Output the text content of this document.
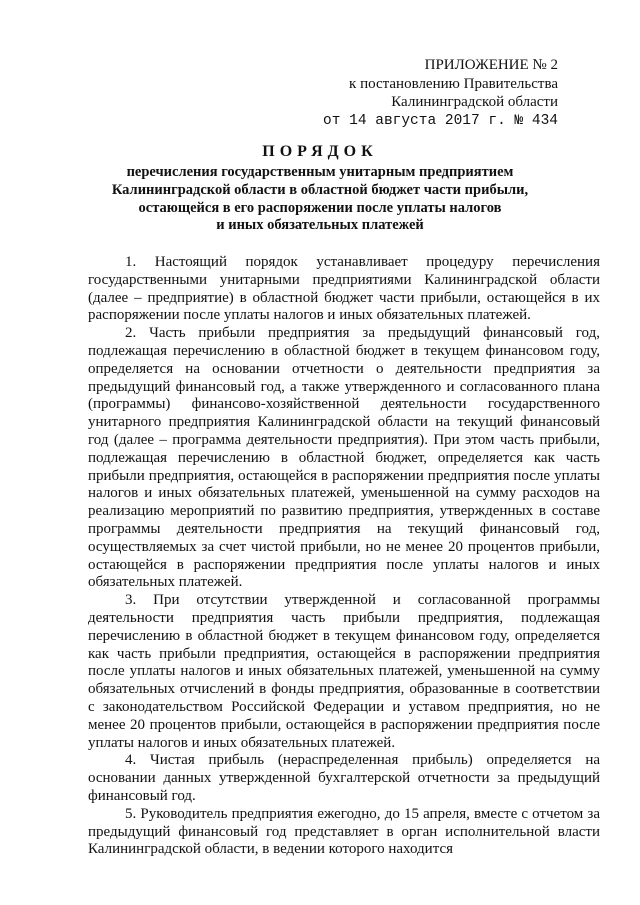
ПРИЛОЖЕНИЕ № 2
к постановлению Правительства
Калининградской области
от 14 августа 2017 г. № 434
ПОРЯДОК
перечисления государственным унитарным предприятием
Калининградской области в областной бюджет части прибыли,
остающейся в его распоряжении после уплаты налогов
и иных обязательных платежей

1. Настоящий порядок устанавливает процедуру перечисления государственными унитарными предприятиями Калининградской области (далее – предприятие) в областной бюджет части прибыли, остающейся в их распоряжении после уплаты налогов и иных обязательных платежей.

2. Часть прибыли предприятия за предыдущий финансовый год, подлежащая перечислению в областной бюджет в текущем финансовом году, определяется на основании отчетности о деятельности предприятия за предыдущий финансовый год, а также утвержденного и согласованного плана (программы) финансово-хозяйственной деятельности государственного унитарного предприятия Калининградской области на текущий финансовый год (далее – программа деятельности предприятия). При этом часть прибыли, подлежащая перечислению в областной бюджет, определяется как часть прибыли предприятия, остающейся в распоряжении предприятия после уплаты налогов и иных обязательных платежей, уменьшенной на сумму расходов на реализацию мероприятий по развитию предприятия, утвержденных в составе программы деятельности предприятия на текущий финансовый год, осуществляемых за счет чистой прибыли, но не менее 20 процентов прибыли, остающейся в распоряжении предприятия после уплаты налогов и иных обязательных платежей.

3. При отсутствии утвержденной и согласованной программы деятельности предприятия часть прибыли предприятия, подлежащая перечислению в областной бюджет в текущем финансовом году, определяется как часть прибыли предприятия, остающейся в распоряжении предприятия после уплаты налогов и иных обязательных платежей, уменьшенной на сумму обязательных отчислений в фонды предприятия, образованные в соответствии с законодательством Российской Федерации и уставом предприятия, но не менее 20 процентов прибыли, остающейся в распоряжении предприятия после уплаты налогов и иных обязательных платежей.

4. Чистая прибыль (нераспределенная прибыль) определяется на основании данных утвержденной бухгалтерской отчетности за предыдущий финансовый год.

5. Руководитель предприятия ежегодно, до 15 апреля, вместе с отчетом за предыдущий финансовый год представляет в орган исполнительной власти Калининградской области, в ведении которого находится
